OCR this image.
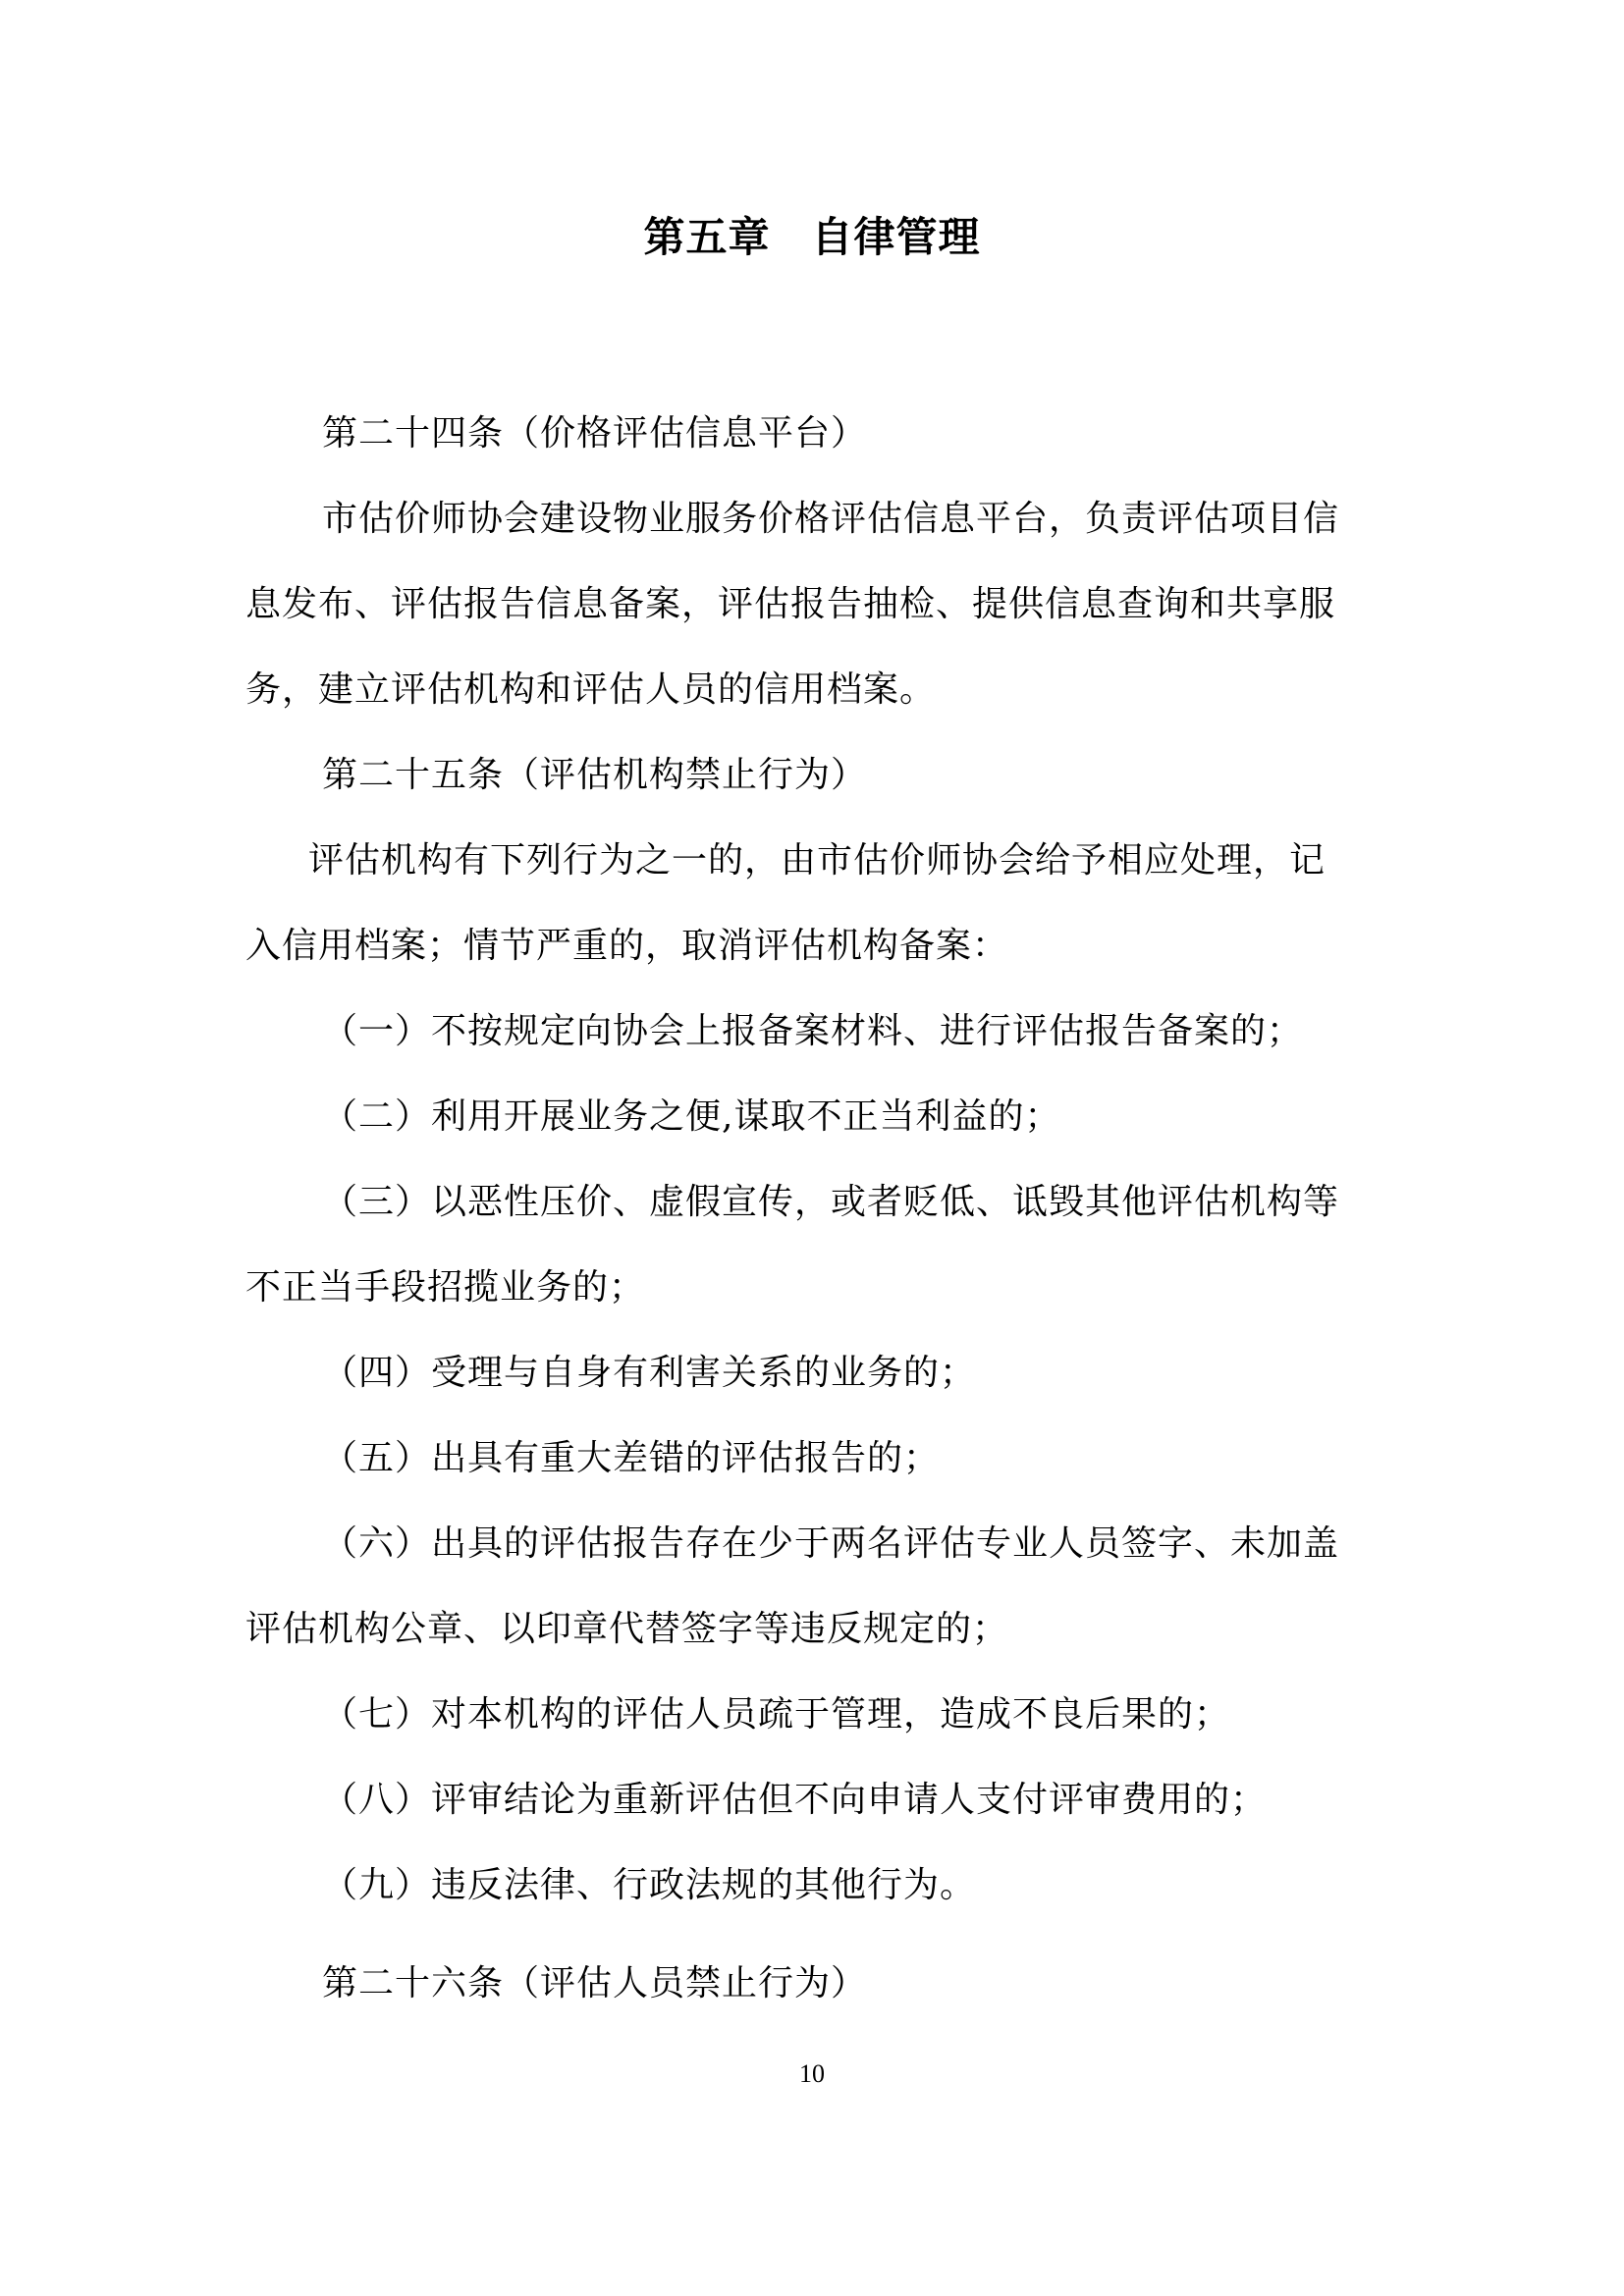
第五章 自律管理
第二十四条（价格评估信息平台）
市估价师协会建设物业服务价格评估信息平台，负责评估项目信
息发布、评估报告信息备案，评估报告抽检、提供信息查询和共享服
务，建立评估机构和评估人员的信用档案。
第二十五条（评估机构禁止行为）
评估机构有下列行为之一的，由市估价师协会给予相应处理，记
入信用档案；情节严重的，取消评估机构备案：
（一）不按规定向协会上报备案材料、进行评估报告备案的；
（二）利用开展业务之便,谋取不正当利益的；
（三）以恶性压价、虚假宣传，或者贬低、诋毁其他评估机构等
不正当手段招揽业务的；
（四）受理与自身有利害关系的业务的；
（五）出具有重大差错的评估报告的；
（六）出具的评估报告存在少于两名评估专业人员签字、未加盖
评估机构公章、以印章代替签字等违反规定的；
（七）对本机构的评估人员疏于管理，造成不良后果的；
（八）评审结论为重新评估但不向申请人支付评审费用的；
（九）违反法律、行政法规的其他行为。
第二十六条（评估人员禁止行为）
10
